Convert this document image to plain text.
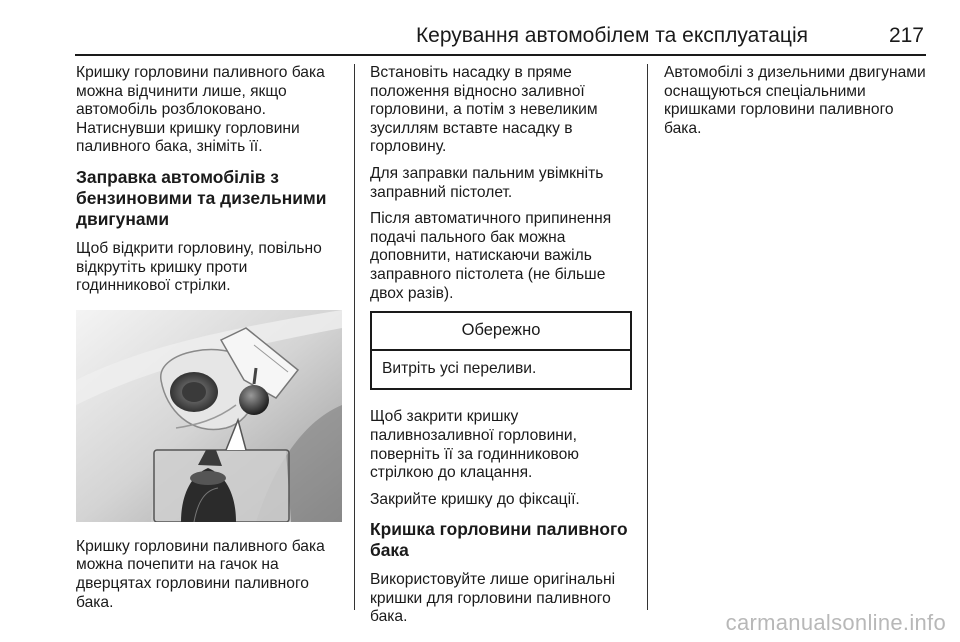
Керування автомобілем та експлуатація	217

Кришку горловини паливного бака можна відчинити лише, якщо автомобіль розблоковано. Натиснувши кришку горловини паливного бака, зніміть її.

Заправка автомобілів з бензиновими та дизельними двигунами

Щоб відкрити горловину, повільно відкрутіть кришку проти годинникової стрілки.

Кришку горловини паливного бака можна почепити на гачок на дверцятах горловини паливного бака.

Встановіть насадку в пряме положення відносно заливної горловини, а потім з невеликим зусиллям вставте насадку в горловину.

Для заправки пальним увімкніть заправний пістолет.

Після автоматичного припинення подачі пального бак можна доповнити, натискаючи важіль заправного пістолета (не більше двох разів).

Обережно
Витріть усі переливи.

Щоб закрити кришку паливнозаливної горловини, поверніть її за годинниковою стрілкою до клацання.

Закрийте кришку до фіксації.

Кришка горловини паливного бака

Використовуйте лише оригінальні кришки для горловини паливного бака.

Автомобілі з дизельними двигунами оснащуються спеціальними кришками горловини паливного бака.

carmanualsonline.info
